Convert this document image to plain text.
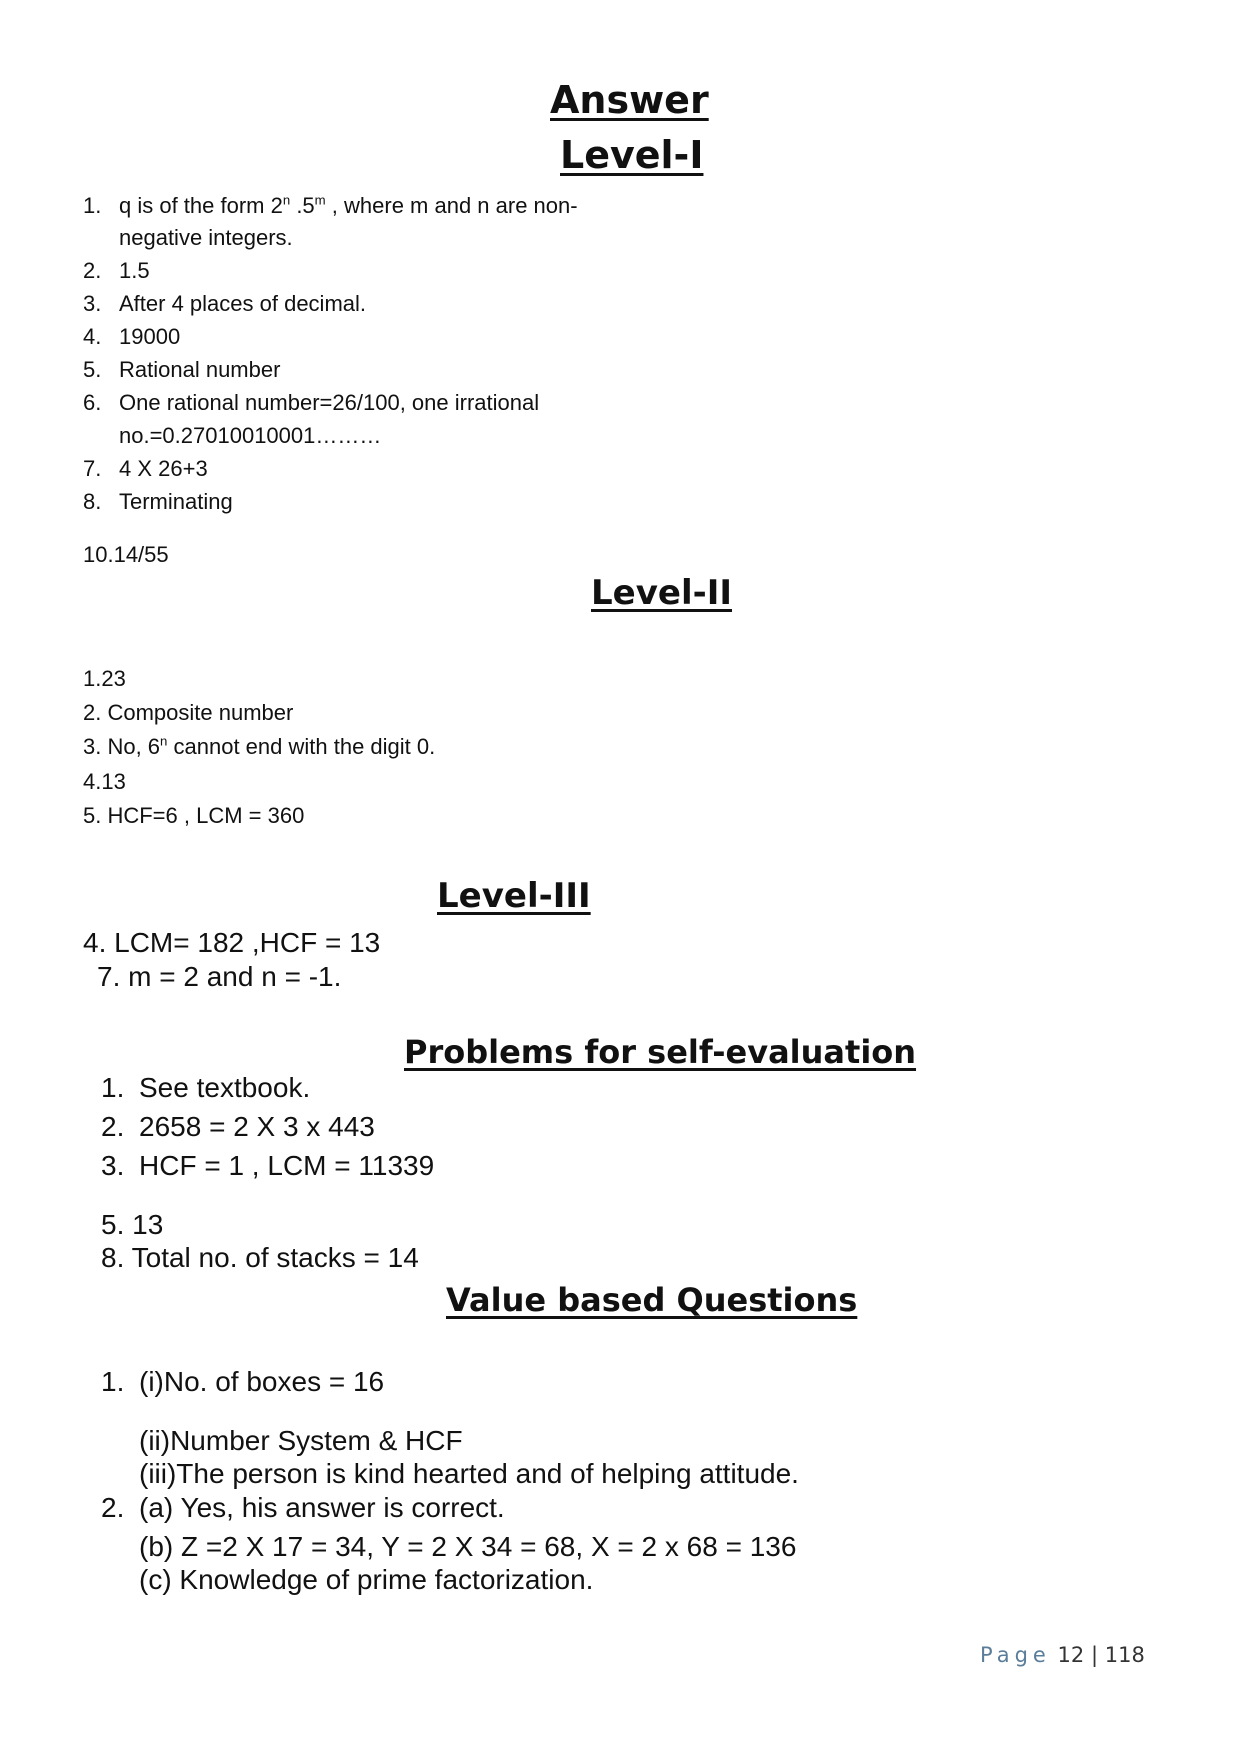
Answer
Level-I
1. q is of the form 2$^n$ .5$^m$ , where m and n are non-
negative integers.
2. 1.5
3. After 4 places of decimal.
4. 19000
5. Rational number
6. One rational number=26/100, one irrational
no.=0.27010010001………
7. 4 X 26+3
8. Terminating
10.14/55
Level-II
1.23
2. Composite number
3. No, 6$^n$ cannot end with the digit 0.
4.13
5. HCF=6 , LCM = 360
Level-III
4. LCM= 182 ,HCF = 13
7. m = 2 and n = -1.
Problems for self-evaluation
1. See textbook.
2. 2658 = 2 X 3 x 443
3. HCF = 1 , LCM = 11339
5. 13
8. Total no. of stacks = 14
Value based Questions
1. (i)No. of boxes = 16
(ii)Number System & HCF
(iii)The person is kind hearted and of helping attitude.
2. (a) Yes, his answer is correct.
(b) Z =2 X 17 = 34, Y = 2 X 34 = 68, X = 2 x 68 = 136
(c) Knowledge of prime factorization.
Page 12 | 118
